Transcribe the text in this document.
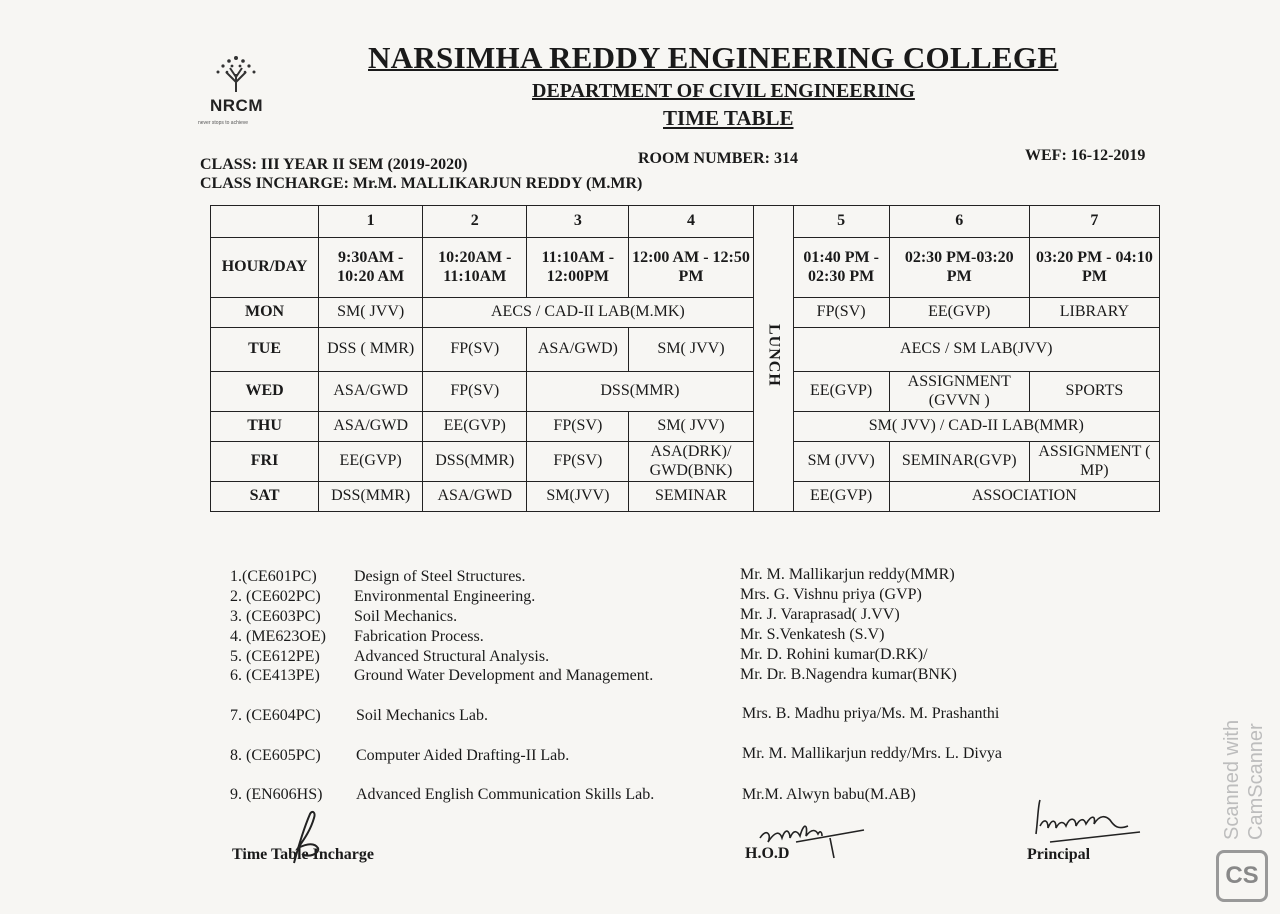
NRCM
never stops to achieve
NARSIMHA REDDY ENGINEERING COLLEGE
DEPARTMENT OF CIVIL ENGINEERING
TIME TABLE
CLASS: III YEAR II SEM (2019-2020)	ROOM NUMBER: 314	WEF: 16-12-2019
CLASS INCHARGE: Mr.M. MALLIKARJUN REDDY (M.MR)
	1	2	3	4	LUNCH	5	6	7
HOUR/DAY	9:30AM - 10:20 AM	10:20AM - 11:10AM	11:10AM - 12:00PM	12:00 AM - 12:50 PM		01:40 PM - 02:30 PM	02:30 PM-03:20 PM	03:20 PM - 04:10 PM
MON	SM( JVV)	AECS / CAD-II LAB(M.MK)				FP(SV)	EE(GVP)	LIBRARY
TUE	DSS ( MMR)	FP(SV)	ASA/GWD)	SM( JVV)		AECS / SM LAB(JVV)		
WED	ASA/GWD	FP(SV)	DSS(MMR)			EE(GVP)	ASSIGNMENT (GVVN )	SPORTS
THU	ASA/GWD	EE(GVP)	FP(SV)	SM( JVV)		SM( JVV) / CAD-II LAB(MMR)		
FRI	EE(GVP)	DSS(MMR)	FP(SV)	ASA(DRK)/ GWD(BNK)		SM (JVV)	SEMINAR(GVP)	ASSIGNMENT ( MP)
SAT	DSS(MMR)	ASA/GWD	SM(JVV)	SEMINAR		EE(GVP)	ASSOCIATION	
1.(CE601PC) Design of Steel Structures.	Mr. M. Mallikarjun reddy(MMR)
2. (CE602PC) Environmental Engineering.	Mrs. G. Vishnu priya (GVP)
3. (CE603PC) Soil Mechanics.	Mr. J. Varaprasad( J.VV)
4. (ME623OE) Fabrication Process.	Mr. S.Venkatesh (S.V)
5. (CE612PE) Advanced Structural Analysis.	Mr. D. Rohini kumar(D.RK)/
6. (CE413PE) Ground Water Development and Management.	Mr. Dr. B.Nagendra kumar(BNK)
7. (CE604PC) Soil Mechanics Lab.	Mrs. B. Madhu priya/Ms. M. Prashanthi
8. (CE605PC) Computer Aided Drafting-II Lab.	Mr. M. Mallikarjun reddy/Mrs. L. Divya
9. (EN606HS) Advanced English Communication Skills Lab.	Mr.M. Alwyn babu(M.AB)
Time Table Incharge	H.O.D	Principal
Scanned with CamScanner
CS
